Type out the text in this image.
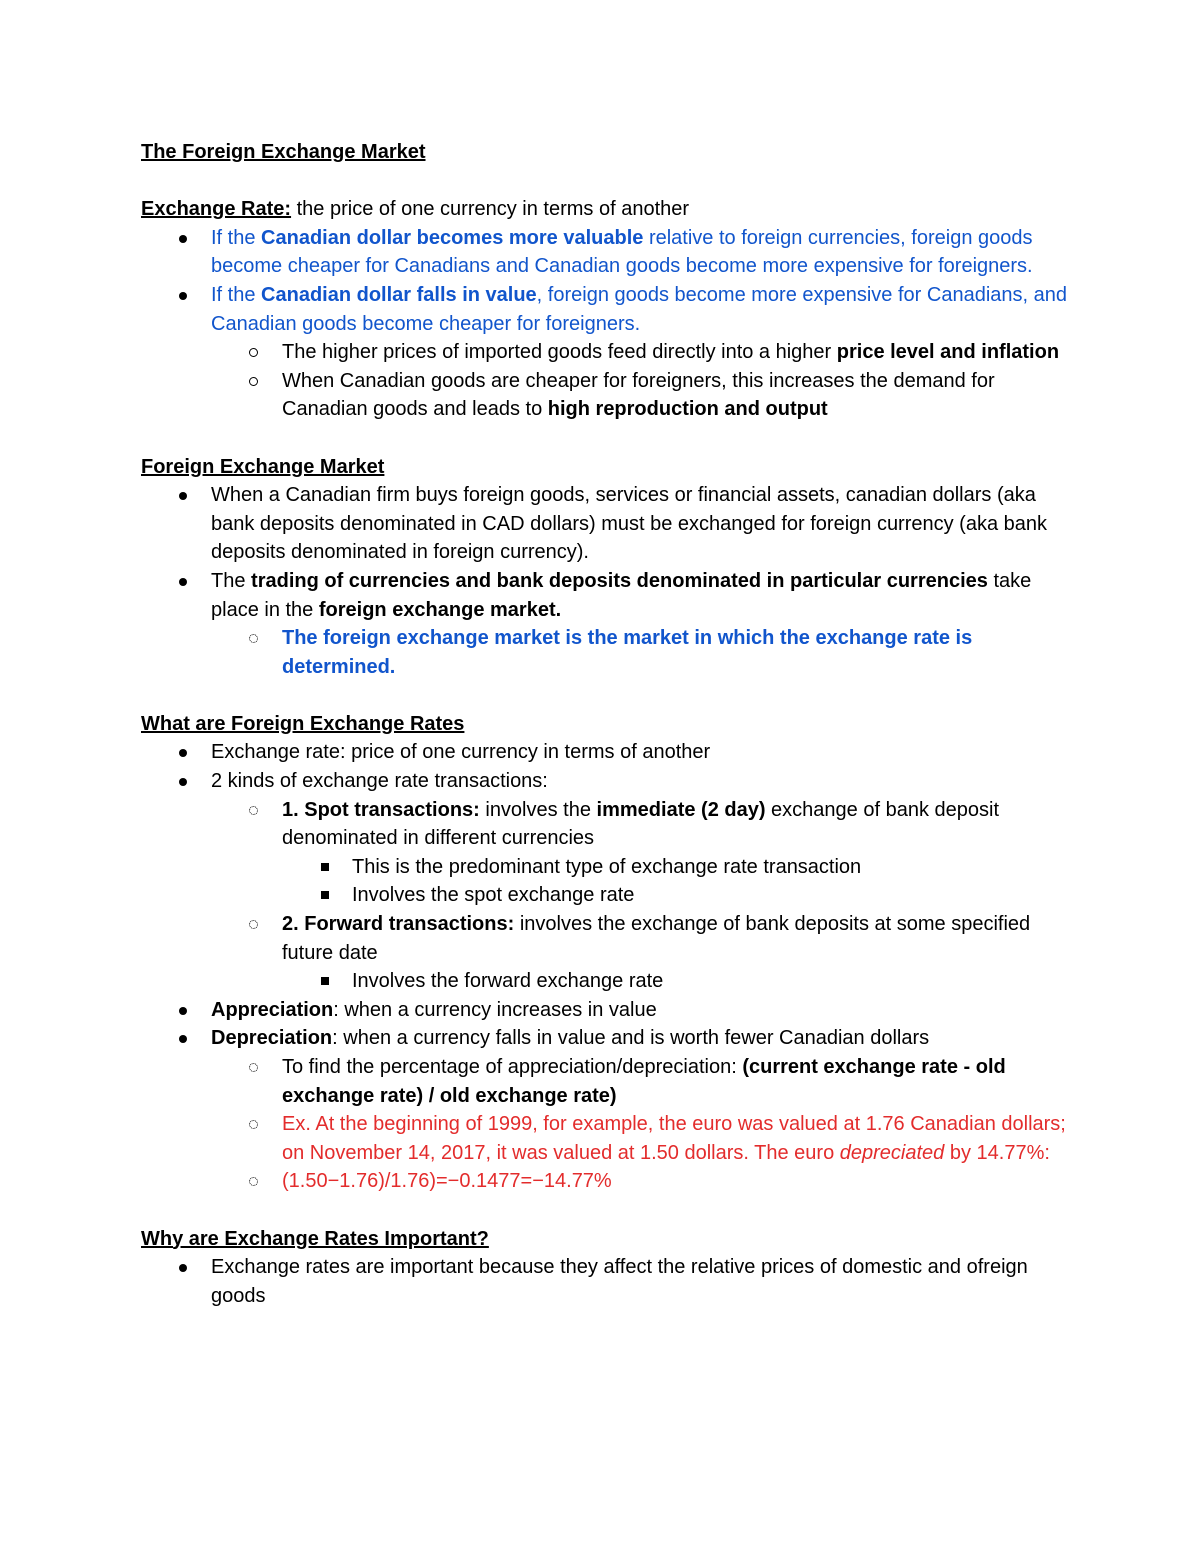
The Foreign Exchange Market

Exchange Rate: the price of one currency in terms of another

If the Canadian dollar becomes more valuable relative to foreign currencies, foreign goods become cheaper for Canadians and Canadian goods become more expensive for foreigners.
If the Canadian dollar falls in value, foreign goods become more expensive for Canadians, and Canadian goods become cheaper for foreigners.
The higher prices of imported goods feed directly into a higher price level and inflation
When Canadian goods are cheaper for foreigners, this increases the demand for Canadian goods and leads to high reproduction and output

Foreign Exchange Market

When a Canadian firm buys foreign goods, services or financial assets, canadian dollars (aka bank deposits denominated in CAD dollars) must be exchanged for foreign currency (aka bank deposits denominated in foreign currency).
The trading of currencies and bank deposits denominated in particular currencies take place in the foreign exchange market.
The foreign exchange market is the market in which the exchange rate is determined.

What are Foreign Exchange Rates

Exchange rate: price of one currency in terms of another
2 kinds of exchange rate transactions:
1. Spot transactions: involves the immediate (2 day) exchange of bank deposit denominated in different currencies
This is the predominant type of exchange rate transaction
Involves the spot exchange rate
2. Forward transactions: involves the exchange of bank deposits at some specified future date
Involves the forward exchange rate
Appreciation: when a currency increases in value
Depreciation: when a currency falls in value and is worth fewer Canadian dollars
To find the percentage of appreciation/depreciation: (current exchange rate - old exchange rate) / old exchange rate)
Ex. At the beginning of 1999, for example, the euro was valued at 1.76 Canadian dollars; on November 14, 2017, it was valued at 1.50 dollars. The euro depreciated by 14.77%:
(1.50−1.76)/1.76)=−0.1477=−14.77%

Why are Exchange Rates Important?

Exchange rates are important because they affect the relative prices of domestic and ofreign goods
